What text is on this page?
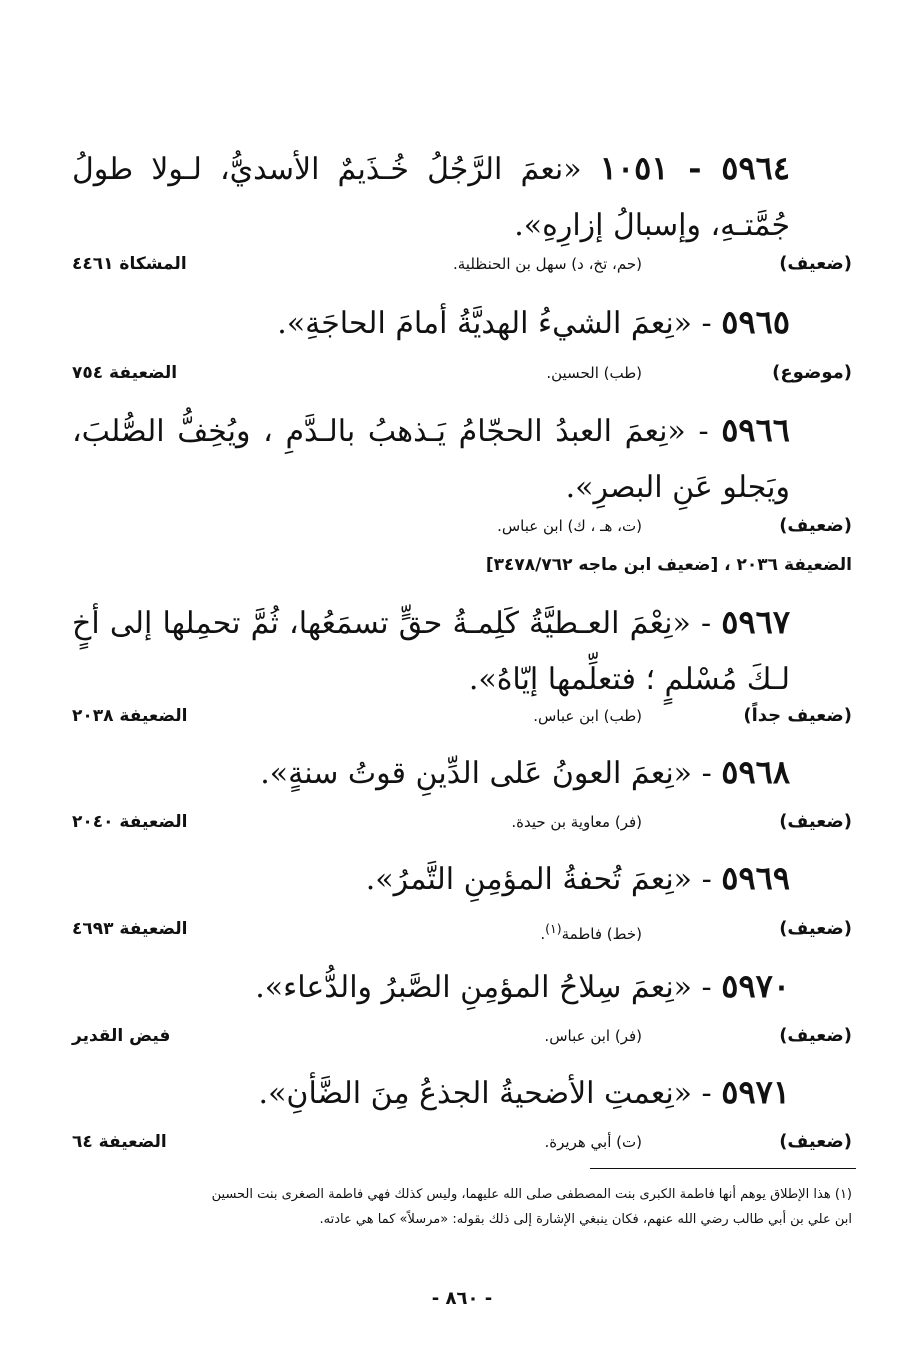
٥٩٦٤ - ١٠٥١ «نعمَ الرَّجُلُ خُـذَيمٌ الأسديُّ، لـولا طولُ جُمَّتـهِ، وإسبالُ إزارِهِ».
(ضعيف)
(حم، تخ، د) سهل بن الحنظلية.
المشكاة ٤٤٦١
٥٩٦٥ - «نِعمَ الشيءُ الهديَّةُ أمامَ الحاجَةِ».
(موضوع)
(طب) الحسين.
الضعيفة ٧٥٤
٥٩٦٦ - «نِعمَ العبدُ الحجّامُ يَـذهبُ بالـدَّمِ ، ويُخِفُّ الصُّلبَ، ويَجلو عَنِ البصرِ».
(ضعيف)
(ت، هـ ، ك) ابن عباس.
الضعيفة ٢٠٣٦ ، [ضعيف ابن ماجه ٣٤٧٨/٧٦٢]
٥٩٦٧ - «نِعْمَ العـطيَّةُ كَلِمـةُ حقٍّ تسمَعُها، ثُمَّ تحمِلها إلى أخٍ لـكَ مُسْلمٍ ؛ فتعلِّمها إيّاهُ».
(ضعيف جداً)
(طب) ابن عباس.
الضعيفة ٢٠٣٨
٥٩٦٨ - «نِعمَ العونُ عَلى الدِّينِ قوتُ سنةٍ».
(ضعيف)
(فر) معاوية بن حيدة.
الضعيفة ٢٠٤٠
٥٩٦٩ - «نِعمَ تُحفةُ المؤمِنِ التَّمرُ».
(ضعيف)
(خط) فاطمة$^{(١)}$.
الضعيفة ٤٦٩٣
٥٩٧٠ - «نِعمَ سِلاحُ المؤمِنِ الصَّبرُ والدُّعاء».
(ضعيف)
(فر) ابن عباس.
فيض القدير
٥٩٧١ - «نِعمتِ الأضحيةُ الجذعُ مِنَ الضَّأنِ».
(ضعيف)
(ت) أبي هريرة.
الضعيفة ٦٤
(١) هذا الإطلاق يوهم أنها فاطمة الكبرى بنت المصطفى صلى الله عليهما، وليس كذلك فهي فاطمة الصغرى بنت الحسين
ابن علي بن أبي طالب رضي الله عنهم، فكان ينبغي الإشارة إلى ذلك بقوله: «مرسلاً» كما هي عادته.
- ٨٦٠ -
